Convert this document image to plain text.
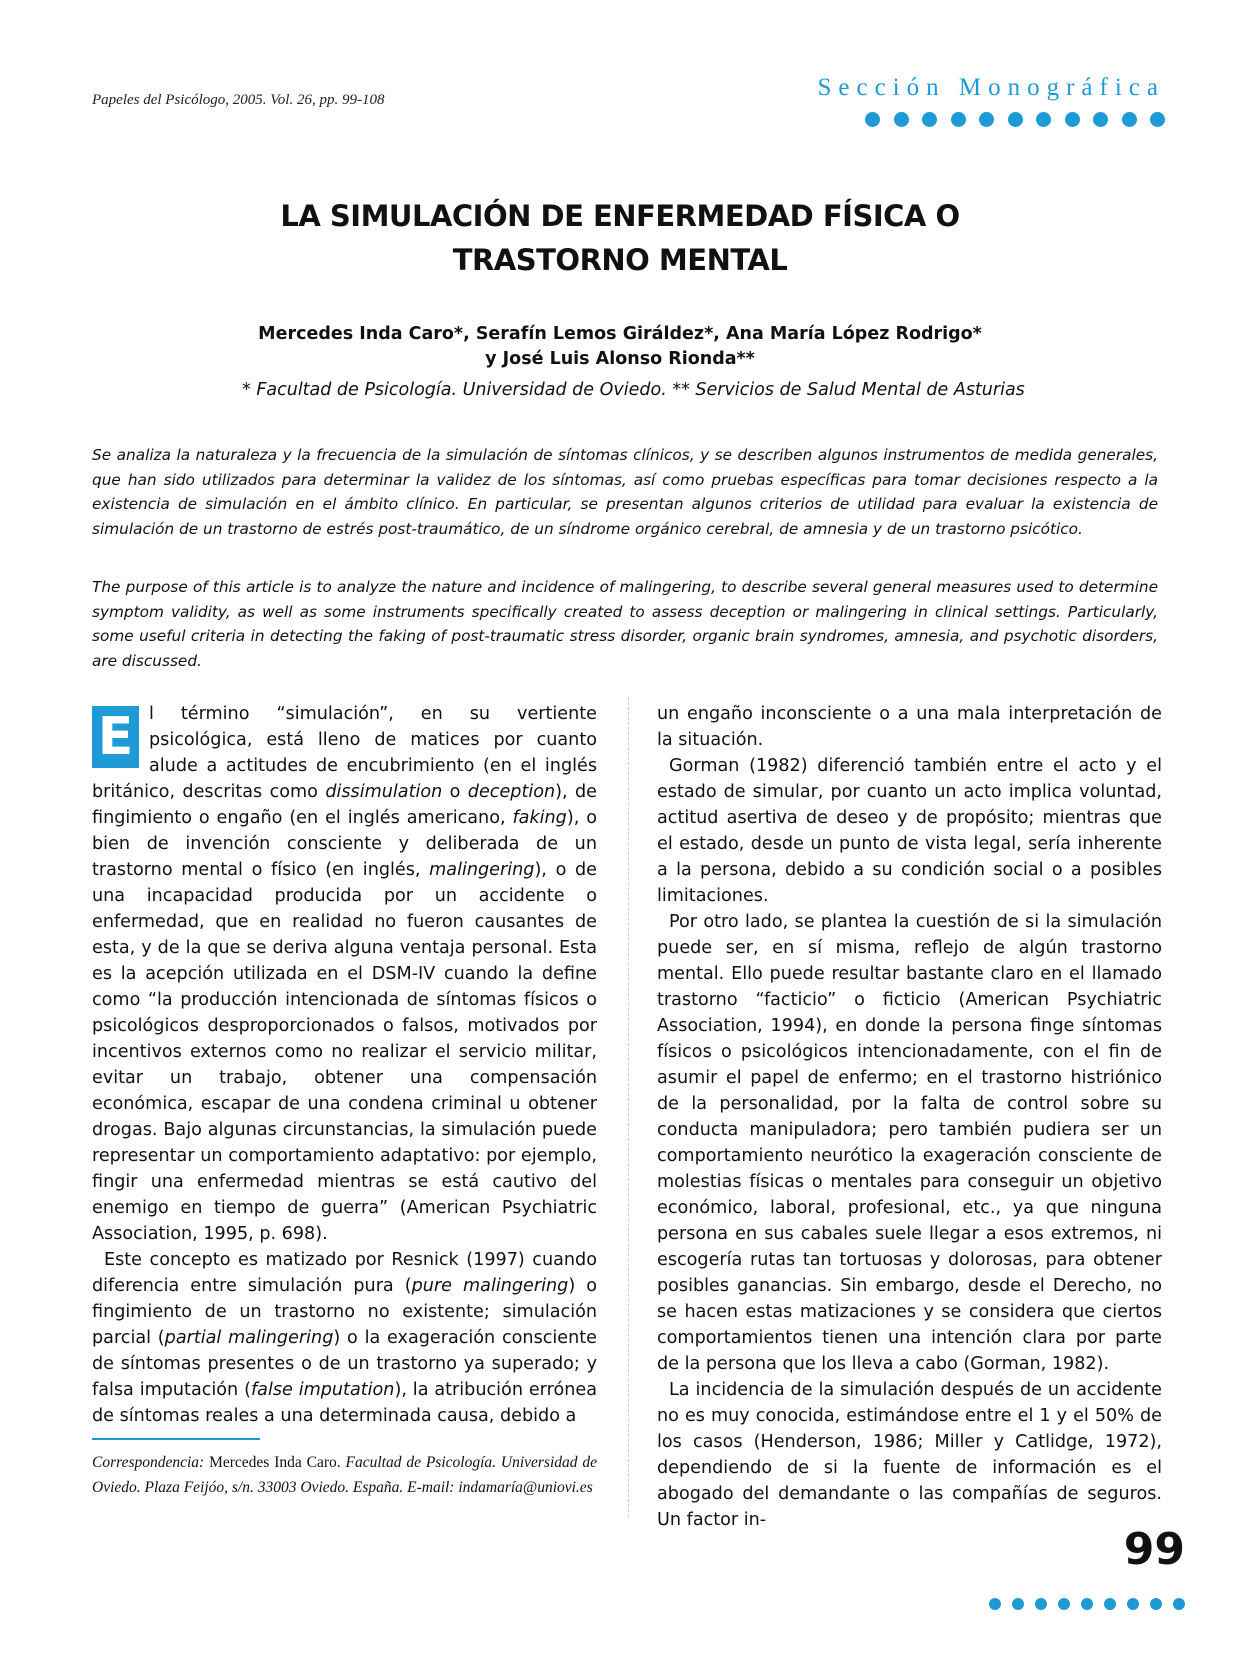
Papeles del Psicólogo, 2005. Vol. 26, pp. 99-108	Sección Monográfica
LA SIMULACIÓN DE ENFERMEDAD FÍSICA O
TRASTORNO MENTAL
Mercedes Inda Caro*, Serafín Lemos Giráldez*, Ana María López Rodrigo*
y José Luis Alonso Rionda**
* Facultad de Psicología. Universidad de Oviedo. ** Servicios de Salud Mental de Asturias

Se analiza la naturaleza y la frecuencia de la simulación de síntomas clínicos, y se describen algunos instrumentos de medida generales, que han sido utilizados para determinar la validez de los síntomas, así como pruebas específicas para tomar decisiones respecto a la existencia de simulación en el ámbito clínico. En particular, se presentan algunos criterios de utilidad para evaluar la existencia de simulación de un trastorno de estrés post-traumático, de un síndrome orgánico cerebral, de amnesia y de un trastorno psicótico.

The purpose of this article is to analyze the nature and incidence of malingering, to describe several general measures used to determine symptom validity, as well as some instruments specifically created to assess deception or malingering in clinical settings. Particularly, some useful criteria in detecting the faking of post-traumatic stress disorder, organic brain syndromes, amnesia, and psychotic disorders, are discussed.

E l término “simulación”, en su vertiente psicológica, está lleno de matices por cuanto alude a actitudes de encubrimiento (en el inglés británico, descritas como dissimulation o deception), de fingimiento o engaño (en el inglés americano, faking), o bien de invención consciente y deliberada de un trastorno mental o físico (en inglés, malingering), o de una incapacidad producida por un accidente o enfermedad, que en realidad no fueron causantes de esta, y de la que se deriva alguna ventaja personal. Esta es la acepción utilizada en el DSM-IV cuando la define como “la producción intencionada de síntomas físicos o psicológicos desproporcionados o falsos, motivados por incentivos externos como no realizar el servicio militar, evitar un trabajo, obtener una compensación económica, escapar de una condena criminal u obtener drogas. Bajo algunas circunstancias, la simulación puede representar un comportamiento adaptativo: por ejemplo, fingir una enfermedad mientras se está cautivo del enemigo en tiempo de guerra” (American Psychiatric Association, 1995, p. 698).

Este concepto es matizado por Resnick (1997) cuando diferencia entre simulación pura (pure malingering) o fingimiento de un trastorno no existente; simulación parcial (partial malingering) o la exageración consciente de síntomas presentes o de un trastorno ya superado; y falsa imputación (false imputation), la atribución errónea de síntomas reales a una determinada causa, debido a

un engaño inconsciente o a una mala interpretación de la situación.

Gorman (1982) diferenció también entre el acto y el estado de simular, por cuanto un acto implica voluntad, actitud asertiva de deseo y de propósito; mientras que el estado, desde un punto de vista legal, sería inherente a la persona, debido a su condición social o a posibles limitaciones.

Por otro lado, se plantea la cuestión de si la simulación puede ser, en sí misma, reflejo de algún trastorno mental. Ello puede resultar bastante claro en el llamado trastorno “facticio” o ficticio (American Psychiatric Association, 1994), en donde la persona finge síntomas físicos o psicológicos intencionadamente, con el fin de asumir el papel de enfermo; en el trastorno histriónico de la personalidad, por la falta de control sobre su conducta manipuladora; pero también pudiera ser un comportamiento neurótico la exageración consciente de molestias físicas o mentales para conseguir un objetivo económico, laboral, profesional, etc., ya que ninguna persona en sus cabales suele llegar a esos extremos, ni escogería rutas tan tortuosas y dolorosas, para obtener posibles ganancias. Sin embargo, desde el Derecho, no se hacen estas matizaciones y se considera que ciertos comportamientos tienen una intención clara por parte de la persona que los lleva a cabo (Gorman, 1982).

La incidencia de la simulación después de un accidente no es muy conocida, estimándose entre el 1 y el 50% de los casos (Henderson, 1986; Miller y Catlidge, 1972), dependiendo de si la fuente de información es el abogado del demandante o las compañías de seguros. Un factor in-

Correspondencia: Mercedes Inda Caro. Facultad de Psicología. Universidad de Oviedo. Plaza Feijóo, s/n. 33003 Oviedo. España. E-mail: indamaría@uniovi.es
99
